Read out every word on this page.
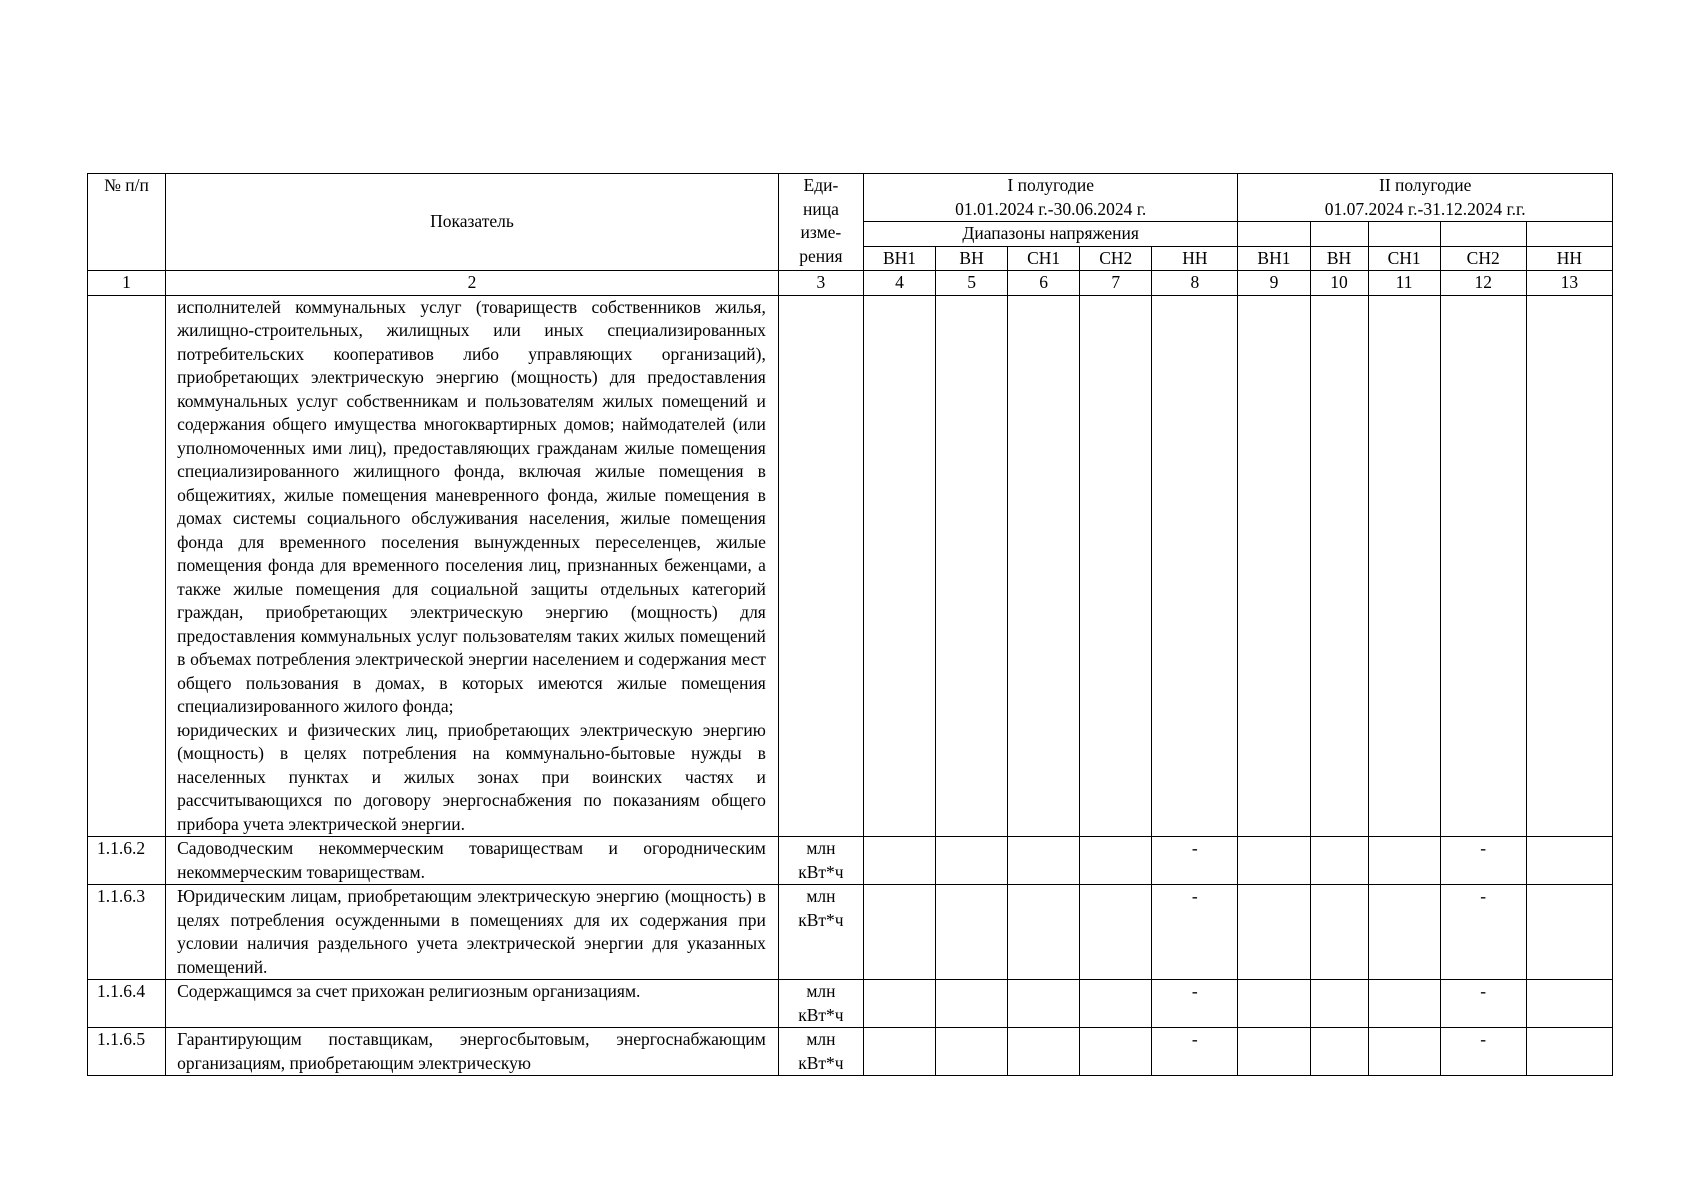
№ п/п	Показатель	Еди-
ница
изме-
рения	I полугодие
01.01.2024 г.-30.06.2024 г.					II полугодие
01.07.2024 г.-31.12.2024 г.г.				

			Диапазоны напряжения									
			ВН1	ВН	СН1	СН2	НН	ВН1	ВН	СН1	СН2	НН
1	2	3	4	5	6	7	8	9	10	11	12	13

	исполнителей коммунальных услуг (товариществ собственников жилья, жилищно-строительных, жилищных или иных специализированных потребительских кооперативов либо управляющих организаций), приобретающих электрическую энергию (мощность) для предоставления коммунальных услуг собственникам и пользователям жилых помещений и содержания общего имущества многоквартирных домов; наймодателей (или уполномоченных ими лиц), предоставляющих гражданам жилые помещения специализированного жилищного фонда, включая жилые помещения в общежитиях, жилые помещения маневренного фонда, жилые помещения в домах системы социального обслуживания населения, жилые помещения фонда для временного поселения вынужденных переселенцев, жилые помещения фонда для временного поселения лиц, признанных беженцами, а также жилые помещения для социальной защиты отдельных категорий граждан, приобретающих электрическую энергию (мощность) для предоставления коммунальных услуг пользователям таких жилых помещений в объемах потребления электрической энергии населением и содержания мест общего пользования в домах, в которых имеются жилые помещения специализированного жилого фонда;
юридических и физических лиц, приобретающих электрическую энергию (мощность) в целях потребления на коммунально-бытовые нужды в населенных пунктах и жилых зонах при воинских частях и рассчитывающихся по договору энергоснабжения по показаниям общего прибора учета электрической энергии.											

1.1.6.2	Садоводческим некоммерческим товариществам и огородническим некоммерческим товариществам.	млн
кВт*ч					-				-	
1.1.6.3	Юридическим лицам, приобретающим электрическую энергию (мощность) в целях потребления осужденными в помещениях для их содержания при условии наличия раздельного учета электрической энергии для указанных помещений.	млн
кВт*ч					-				-	
1.1.6.4	Содержащимся за счет прихожан религиозным организациям.	млн
кВт*ч					-				-	
1.1.6.5	Гарантирующим поставщикам, энергосбытовым, энергоснабжающим организациям, приобретающим электрическую	млн
кВт*ч					-				-	
